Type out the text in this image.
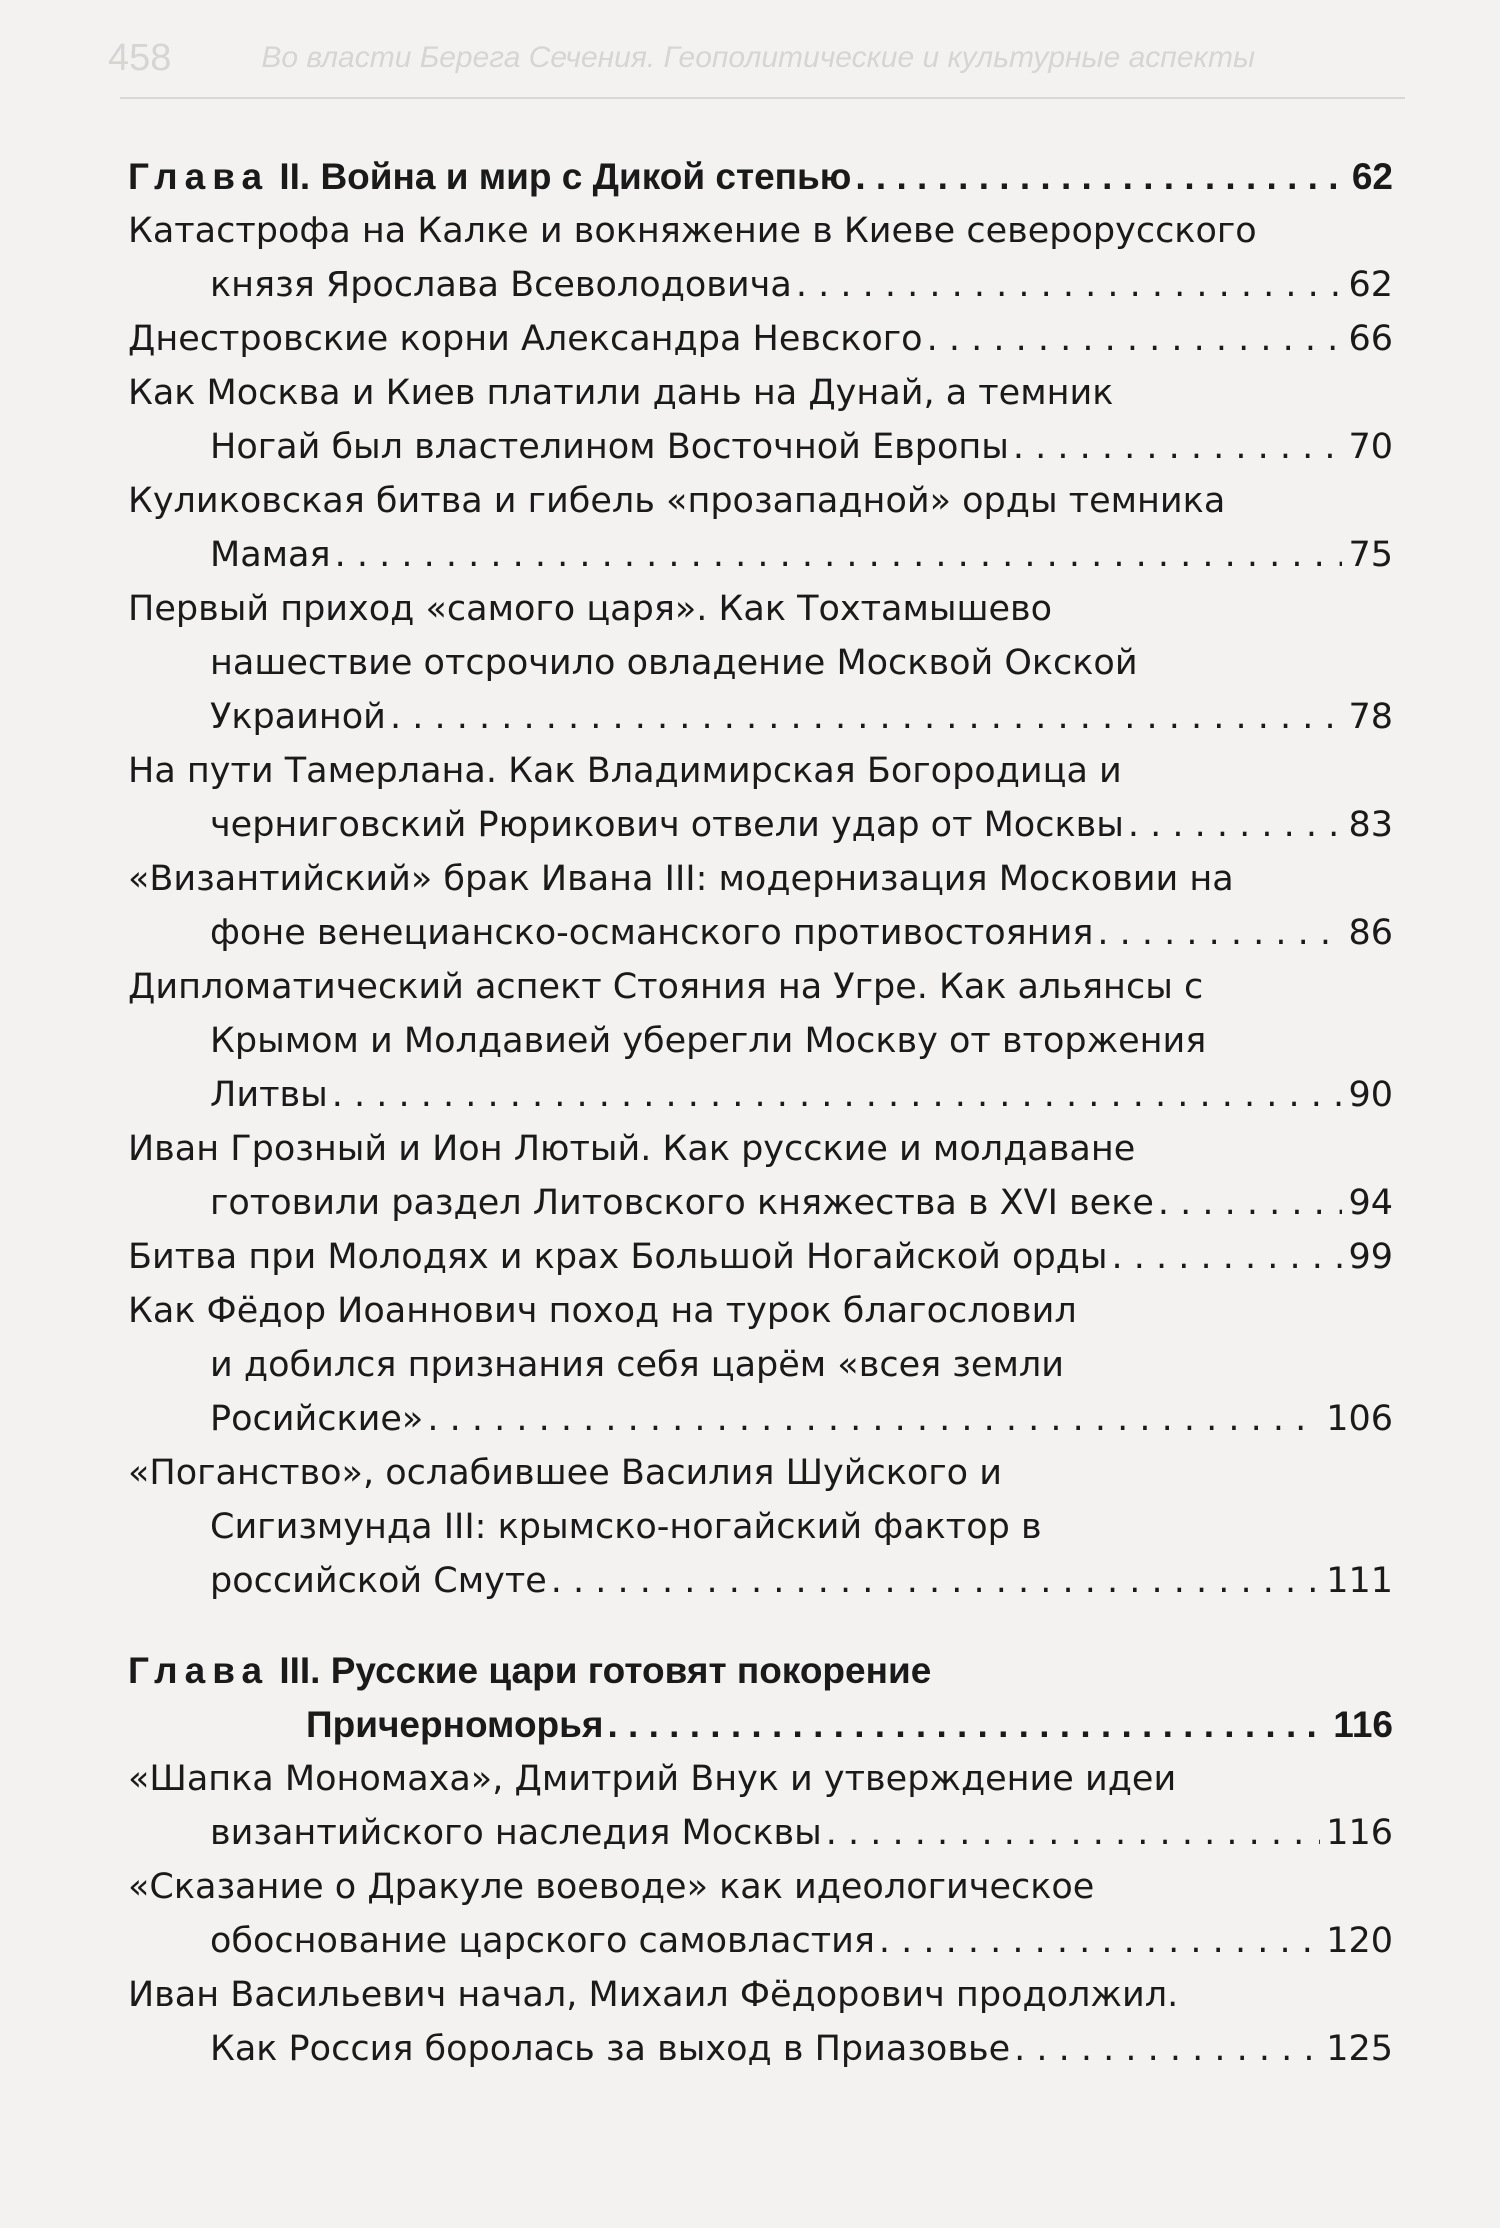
458	Во власти Берега Сечения. Геополитические и культурные аспекты
Глава II. Война и мир с Дикой степью . . .	62
Катастрофа на Калке и вокняжение в Киеве северорусского
князя Ярослава Всеволодовича . . .	62
Днестровские корни Александра Невского . . .	66
Как Москва и Киев платили дань на Дунай, а темник
Ногай был властелином Восточной Европы . . .	70
Куликовская битва и гибель «прозападной» орды темника
Мамая . . .	75
Первый приход «самого царя». Как Тохтамышево
нашествие отсрочило овладение Москвой Окской
Украиной . . .	78
На пути Тамерлана. Как Владимирская Богородица и
черниговский Рюрикович отвели удар от Москвы . . .	83
«Византийский» брак Ивана III: модернизация Московии на
фоне венецианско-османского противостояния . . .	86
Дипломатический аспект Стояния на Угре. Как альянсы с
Крымом и Молдавией уберегли Москву от вторжения
Литвы . . .	90
Иван Грозный и Ион Лютый. Как русские и молдаване
готовили раздел Литовского княжества в XVI веке . . .	94
Битва при Молодях и крах Большой Ногайской орды . . .	99
Как Фёдор Иоаннович поход на турок благословил
и добился признания себя царём «всея земли
Росийские» . . .	106
«Поганство», ослабившее Василия Шуйского и
Сигизмунда III: крымско-ногайский фактор в
российской Смуте . . .	111
Глава III. Русские цари готовят покорение
Причерноморья . . .	116
«Шапка Мономаха», Дмитрий Внук и утверждение идеи
византийского наследия Москвы . . .	116
«Сказание о Дракуле воеводе» как идеологическое
обоснование царского самовластия . . .	120
Иван Васильевич начал, Михаил Фёдорович продолжил.
Как Россия боролась за выход в Приазовье . . .	125
